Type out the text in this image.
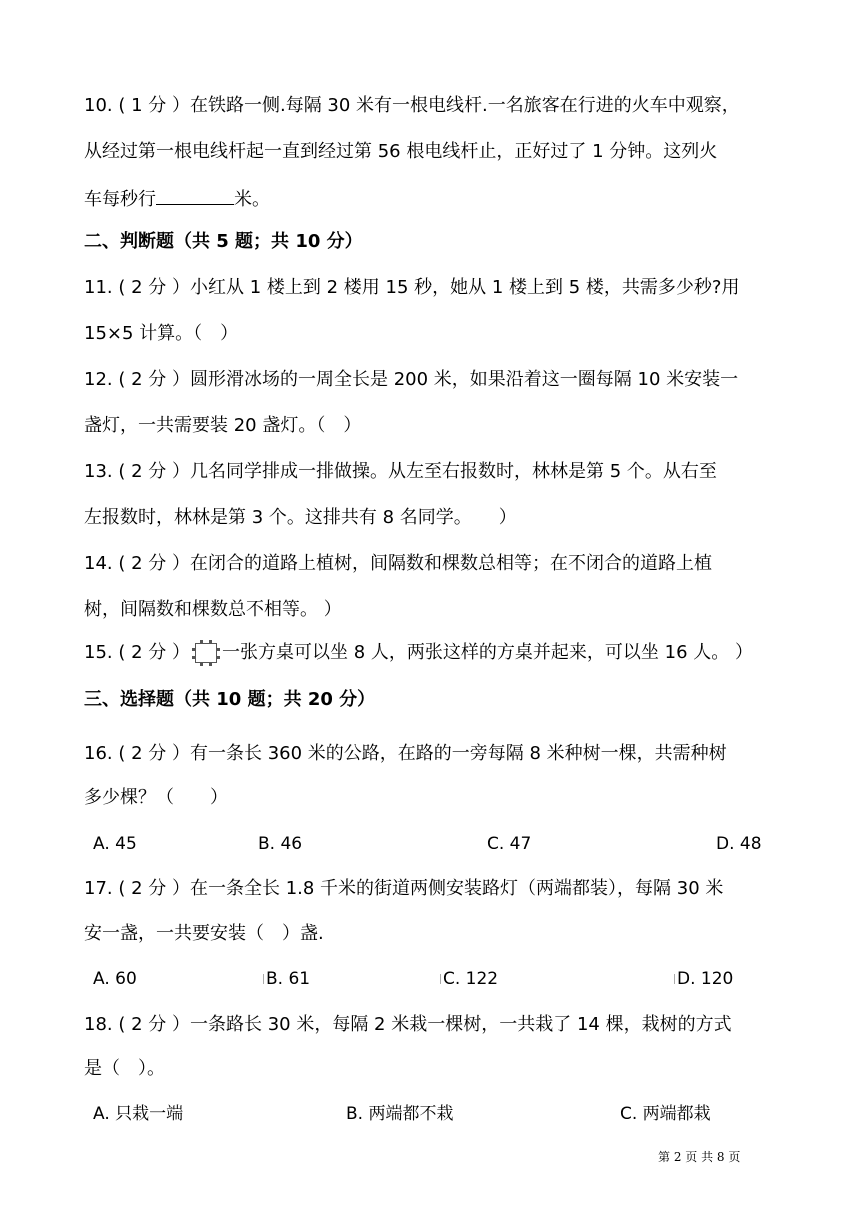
10. ( 1 分 ）在铁路一侧.每隔 30 米有一根电线杆.一名旅客在行进的火车中观察，
从经过第一根电线杆起一直到经过第 56 根电线杆止，正好过了 1 分钟。这列火
车每秒行	米。
二、判断题（共 5 题；共 10 分）
11. ( 2 分 ）小红从 1 楼上到 2 楼用 15 秒，她从 1 楼上到 5 楼，共需多少秒?用
15×5 计算。（　）
12. ( 2 分 ）圆形滑冰场的一周全长是 200 米，如果沿着这一圈每隔 10 米安装一
盏灯，一共需要装 20 盏灯。（　）
13. ( 2 分 ）几名同学排成一排做操。从左至右报数时，林林是第 5 个。从右至
左报数时，林林是第 3 个。这排共有 8 名同学。　　）
14. ( 2 分 ）在闭合的道路上植树，间隔数和棵数总相等；在不闭合的道路上植
树，间隔数和棵数总不相等。 ）
15. ( 2 分 ） 一张方桌可以坐 8 人，两张这样的方桌并起来，可以坐 16 人。 ）
三、选择题（共 10 题；共 20 分）
16. ( 2 分 ）有一条长 360 米的公路，在路的一旁每隔 8 米种树一棵，共需种树
多少棵？（　　）
A. 45	B. 46	C. 47	D. 48
17. ( 2 分 ）在一条全长 1.8 千米的街道两侧安装路灯（两端都装），每隔 30 米
安一盏，一共要安装（　）盏.
A. 60	B. 61	C. 122	D. 120
18. ( 2 分 ）一条路长 30 米，每隔 2 米栽一棵树，一共栽了 14 棵，栽树的方式
是（　）。
A. 只栽一端	B. 两端都不栽	C. 两端都栽
第 2 页 共 8 页
